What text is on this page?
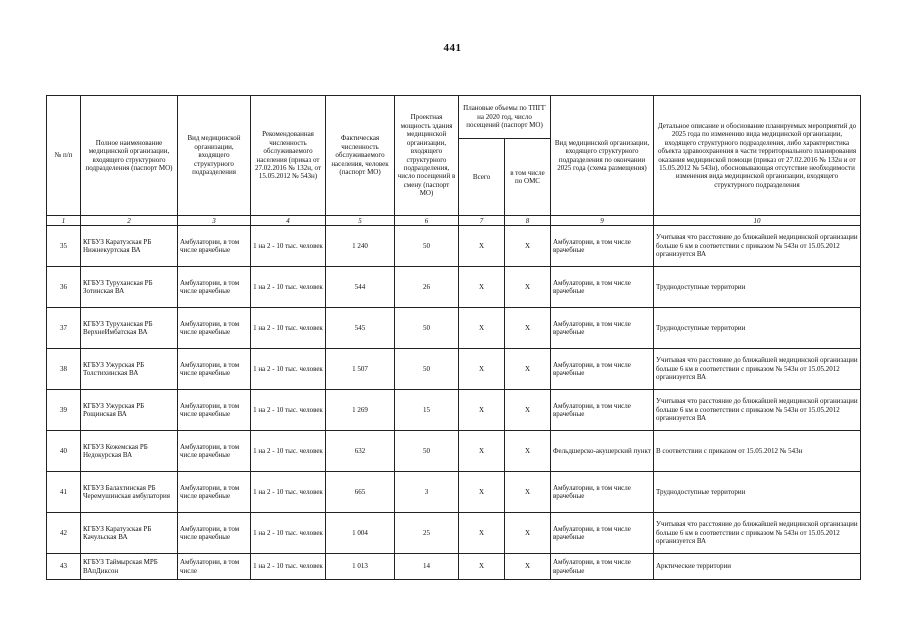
441
№ п/п	Полное наименование медицинской организации, входящего структурного подразделения (паспорт МО)	Вид медицинской организации, входящего структурного подразделения	Рекомендованная численность обслуживаемого населения (приказ от 27.02.2016 № 132н, от 15.05.2012 № 543н)	Фактическая численность обслуживаемого населения, человек (паспорт МО)	Проектная мощность здания медицинской организации, входящего структурного подразделения, число посещений в смену (паспорт МО)	Плановые объемы по ТПГГ на 2020 год, число посещений (паспорт МО)		Вид медицинской организации, входящего структурного подразделения по окончании 2025 года (схема размещения)	Детальное описание и обоснование планируемых мероприятий до 2025 года по изменению вида медицинской организации, входящего структурного подразделения, либо характеристика объекта здравоохранения в части территориального планирования оказания медицинской помощи (приказ от 27.02.2016 № 132н и от 15.05.2012 № 543н), обосновывающая отсутствие необходимости изменения вида медицинской организации, входящего структурного подразделения
						Всего	в том числе по ОМС		
1	2	3	4	5	6	7	8	9	10
35	КГБУЗ Каратузская РБ Нижнекуртская ВА	Амбулатории, в том числе врачебные	1 на 2 - 10 тыс. человек	1 240	50	X	X	Амбулатории, в том числе врачебные	Учитывая что расстояние до ближайшей медицинской организации больше 6 км в соответствии с приказом № 543н от 15.05.2012 организуется ВА
36	КГБУЗ Туруханская РБ Зотинская ВА	Амбулатории, в том числе врачебные	1 на 2 - 10 тыс. человек	544	26	X	X	Амбулатории, в том числе врачебные	Труднодоступные территории
37	КГБУЗ Туруханская РБ ВерхнеИмбатская ВА	Амбулатории, в том числе врачебные	1 на 2 - 10 тыс. человек	545	50	X	X	Амбулатории, в том числе врачебные	Труднодоступные территории
38	КГБУЗ Ужурская РБ Толстихинская ВА	Амбулатории, в том числе врачебные	1 на 2 - 10 тыс. человек	1 507	50	X	X	Амбулатории, в том числе врачебные	Учитывая что расстояние до ближайшей медицинской организации больше 6 км в соответствии с приказом № 543н от 15.05.2012 организуется ВА
39	КГБУЗ Ужурская РБ Рощинская ВА	Амбулатории, в том числе врачебные	1 на 2 - 10 тыс. человек	1 269	15	X	X	Амбулатории, в том числе врачебные	Учитывая что расстояние до ближайшей медицинской организации больше 6 км в соответствии с приказом № 543н от 15.05.2012 организуется ВА
40	КГБУЗ Кежемская РБ Недокурская ВА	Амбулатории, в том числе врачебные	1 на 2 - 10 тыс. человек	632	50	X	X	Фельдшерско-акушерский пункт	В соответствии с приказом от 15.05.2012 № 543н
41	КГБУЗ Балахтинская РБ Черемушинская амбулатория	Амбулатории, в том числе врачебные	1 на 2 - 10 тыс. человек	665	3	X	X	Амбулатории, в том числе врачебные	Труднодоступные территории
42	КГБУЗ Каратузская РБ Качульская ВА	Амбулатории, в том числе врачебные	1 на 2 - 10 тыс. человек	1 004	25	X	X	Амбулатории, в том числе врачебные	Учитывая что расстояние до ближайшей медицинской организации больше 6 км в соответствии с приказом № 543н от 15.05.2012 организуется ВА
43	КГБУЗ Таймырская МРБ ВАпДиксон	Амбулатории, в том числе	1 на 2 - 10 тыс. человек	1 013	14	X	X	Амбулатории, в том числе врачебные	Арктические территории
